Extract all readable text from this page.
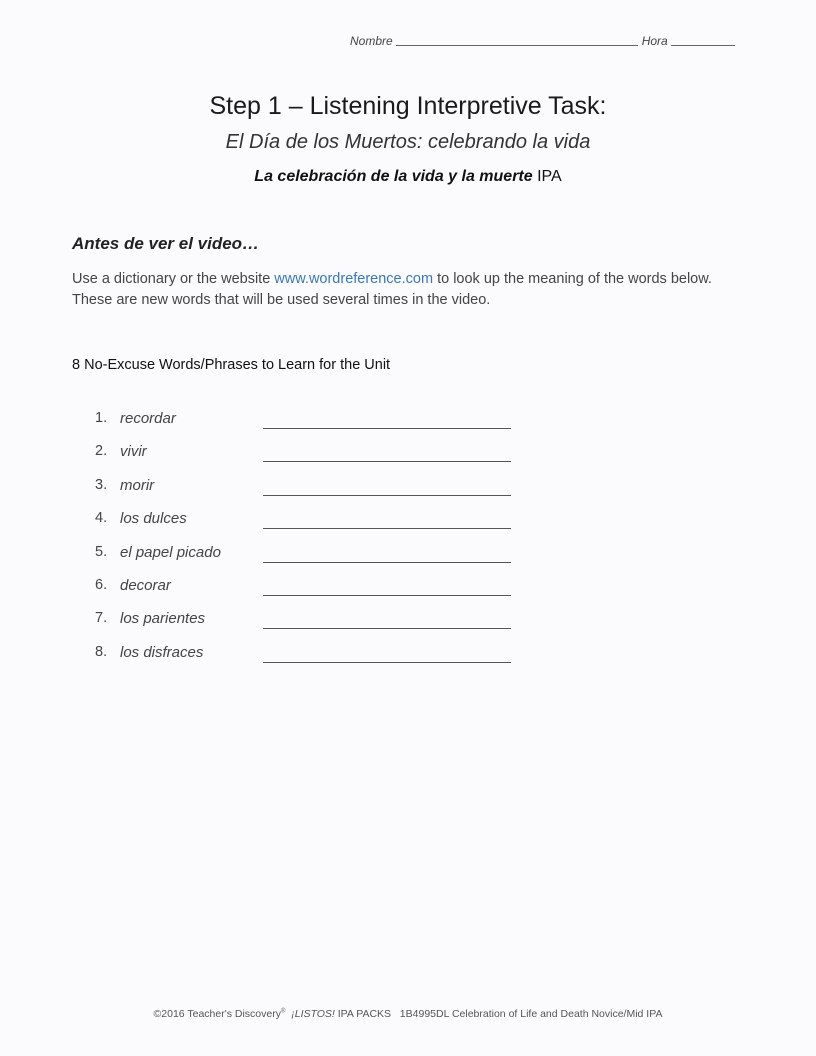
Nombre	Hora
Step 1 – Listening Interpretive Task:
El Día de los Muertos: celebrando la vida
La celebración de la vida y la muerte IPA
Antes de ver el video…
Use a dictionary or the website www.wordreference.com to look up the meaning of the words below. These are new words that will be used several times in the video.
8 No-Excuse Words/Phrases to Learn for the Unit
1. recordar
2. vivir
3. morir
4. los dulces
5. el papel picado
6. decorar
7. los parientes
8. los disfraces
©2016 Teacher's Discovery® ¡LISTOS! IPA PACKS   1B4995DL Celebration of Life and Death Novice/Mid IPA
